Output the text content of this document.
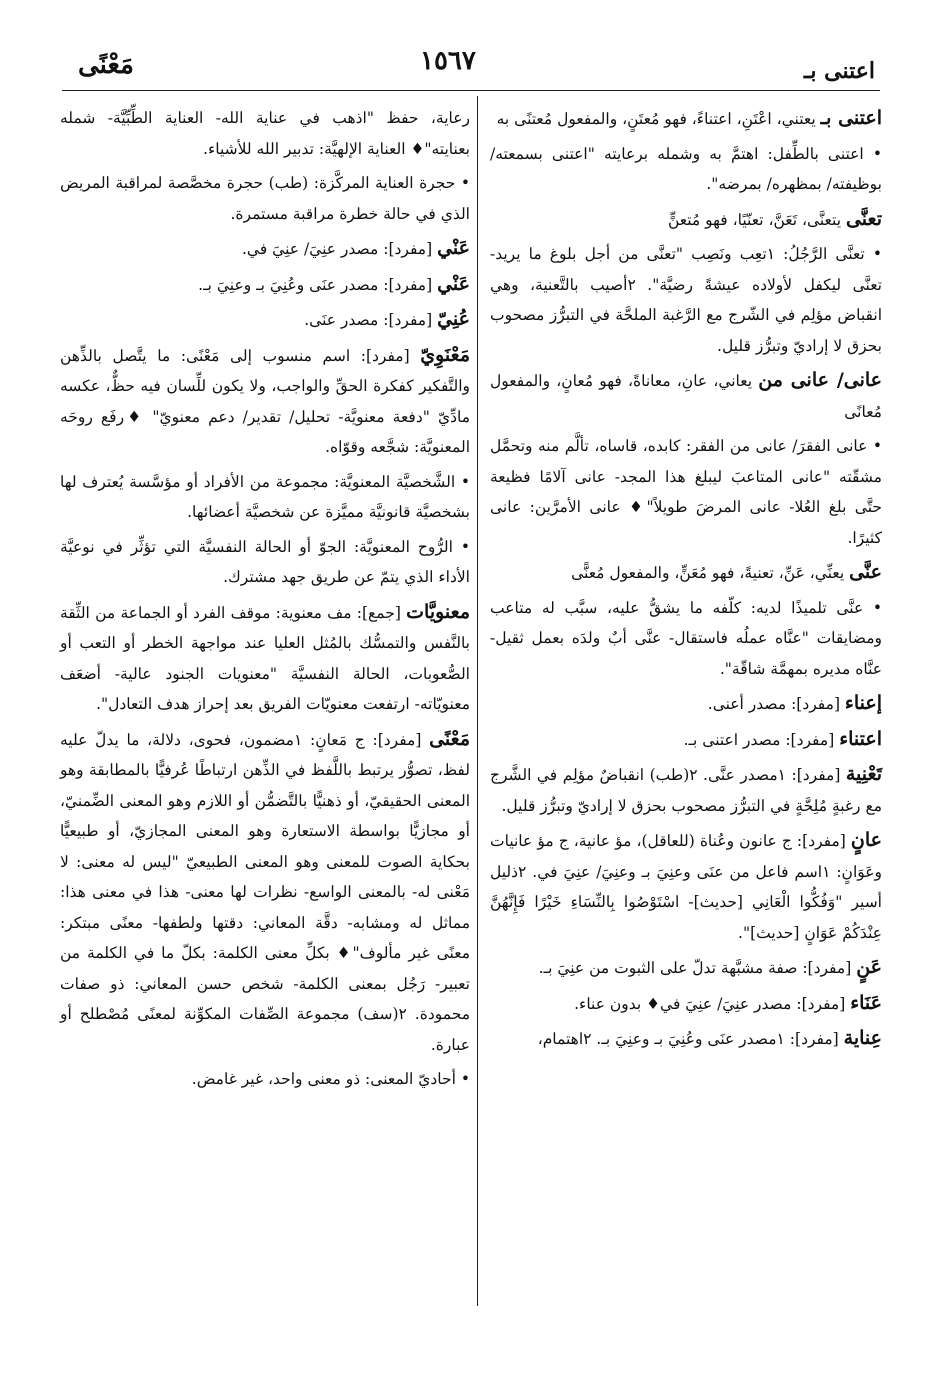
اعتنى بـ
١٥٦٧
مَعْنًى

اعتنى بـ يعتني، اعْتَنِ، اعتناءً، فهو مُعتَنٍ، والمفعول مُعتنًى به

• اعتنى بالطِّفل: اهتمَّ به وشمله برعايته "اعتنى بسمعته/ بوظيفته/ بمظهره/ بمرضه".

تعنَّى يتعنَّى، تَعَنَّ، تعنّيًا، فهو مُتعنٍّ

• تعنَّى الرَّجُلُ: ١تعِب ونَصِب "تعنَّى من أجل بلوغ ما يريد- تعنَّى ليكفل لأولاده عيشةً رضيَّة". ٢أصيب بالتَّعنية، وهي انقباض مؤلِم في الشّرج مع الرَّغبة الملحَّة في التبرُّز مصحوب بحزق لا إراديّ وتبرُّز قليل.

عانى/ عانى من يعاني، عانِ، معاناةً، فهو مُعانٍ، والمفعول مُعانًى

• عانى الفقرَ/ عانى من الفقر: كابده، قاساه، تألَّم منه وتحمَّل مشقّته "عانى المتاعبَ ليبلغ هذا المجد- عانى آلامًا فظيعة حتَّى بلغ العُلا- عانى المرضَ طويلاً"♦ عانى الأمرَّين: عانى كثيرًا.

عنَّى يعنِّي، عَنِّ، تعنيةً، فهو مُعَنٍّ، والمفعول مُعنًّى

• عنَّى تلميذًا لديه: كلّفه ما يشقُّ عليه، سبَّب له متاعب ومضايقات "عنَّاه عملُه فاستقال- عنَّى أبٌ ولدَه بعمل ثقيل- عنَّاه مديره بمهمَّة شاقّة".

إعناء [مفرد]: مصدر أعنى.

اعتناء [مفرد]: مصدر اعتنى بـ.

تَعْنِية [مفرد]: ١مصدر عنَّى. ٢(طب) انقباضٌ مؤلِم في الشَّرج مع رغبةٍ مُلِحَّةٍ في التبرُّز مصحوب بحزق لا إراديّ وتبرُّز قليل.

عانٍ [مفرد]: ج عانون وعُناة (للعاقل)، مؤ عانية، ج مؤ عانيات وعَوَانٍ: ١اسم فاعل من عنَى وعنِيَ بـ وعنِيَ/ عنِيَ في. ٢ذليل أسير "وَفُكُّوا الْعَانِي [حديث]- اسْتَوْصُوا بِالنِّسَاءِ خَيْرًا فَإِنَّهُنَّ عِنْدَكُمْ عَوَانٍ [حديث]".

عَنٍ [مفرد]: صفة مشبَّهة تدلّ على الثبوت من عنِيَ بـ.

عَنَاء [مفرد]: مصدر عنِيَ/ عنِيَ في♦ بدون عناء.

عِناية [مفرد]: ١مصدر عنَى وعُنِيَ بـ وعنِيَ بـ. ٢اهتمام،

رعاية، حفظ "اذهب في عناية الله- العناية الطِّبِّيَّة- شمله بعنايته"♦ العناية الإلهيَّة: تدبير الله للأشياء.

• حجرة العناية المركَّزة: (طب) حجرة مخصَّصة لمراقبة المريض الذي في حالة خطرة مراقبة مستمرة.

عَنْي [مفرد]: مصدر عنِيَ/ عنِيَ في.

عَنْي [مفرد]: مصدر عنَى وعُنِيَ بـ وعنِيَ بـ.

عُنِيّ [مفرد]: مصدر عنَى.

مَعْنَوِيّ [مفرد]: اسم منسوب إلى مَعْنًى: ما يتَّصل بالذِّهن والتَّفكير كفكرة الحقِّ والواجب، ولا يكون للِّسان فيه حظٌّ، عكسه مادِّيّ "دفعة معنويَّة- تحليل/ تقدير/ دعم معنويّ" ♦رفَع روحَه المعنويَّة: شجَّعه وقوّاه.

• الشَّخصيَّة المعنويَّة: مجموعة من الأفراد أو مؤسَّسة يُعترف لها بشخصيَّة قانونيَّة مميَّزة عن شخصيَّة أعضائها.

• الرُّوح المعنويَّة: الجوّ أو الحالة النفسيَّة التي تؤثِّر في نوعيَّة الأداء الذي يتمّ عن طريق جهد مشترك.

معنويَّات [جمع]: مف معنوية: موقف الفرد أو الجماعة من الثِّقة بالنَّفس والتمسُّك بالمُثل العليا عند مواجهة الخطر أو التعب أو الصُّعوبات، الحالة النفسيَّة "معنويات الجنود عالية- أضعَف معنويّاته- ارتفعت معنويّات الفريق بعد إحراز هدف التعادل".

مَعْنًى [مفرد]: ج مَعانٍ: ١مضمون، فحوى، دلالة، ما يدلّ عليه لفظ، تصوُّر يرتبط باللَّفظ في الذِّهن ارتباطًا عُرفيًّا بالمطابقة وهو المعنى الحقيقيّ، أو ذهنيًّا بالتَّضمُّن أو اللازم وهو المعنى الضِّمنيّ، أو مجازيًّا بواسطة الاستعارة وهو المعنى المجازيّ، أو طبيعيًّا بحكاية الصوت للمعنى وهو المعنى الطبيعيّ "ليس له معنى: لا مَعْنى له- بالمعنى الواسع- نظرات لها معنى- هذا في معنى هذا: مماثل له ومشابه- دقَّة المعاني: دقتها ولطفها- معنًى مبتكر: معنًى غير مألوف"♦ بكلِّ معنى الكلمة: بكلّ ما في الكلمة من تعبير- رَجُل بمعنى الكلمة- شخص حسن المعاني: ذو صفات محمودة. ٢(سف) مجموعة الصِّفات المكوِّنة لمعنًى مُصْطلح أو عبارة.

• أحاديّ المعنى: ذو معنى واحد، غير غامض.
